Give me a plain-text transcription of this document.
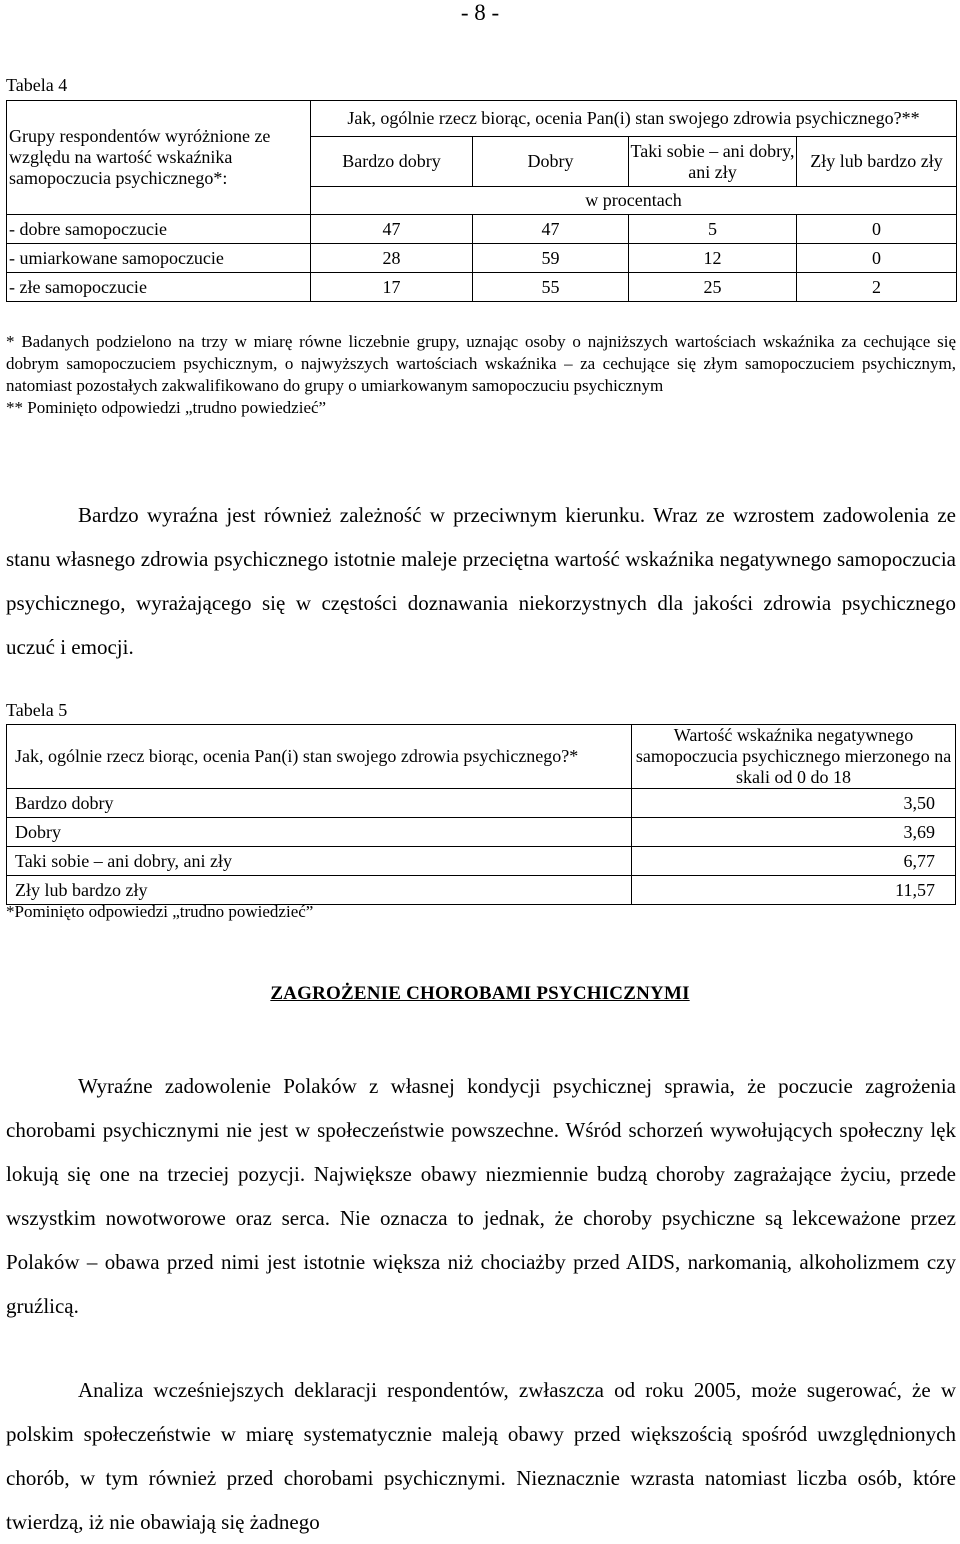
- 8 -
Tabela 4
Grupy respondentów wyróżnione ze względu na wartość wskaźnika samopoczucia psychicznego*:	Jak, ogólnie rzecz biorąc, ocenia Pan(i) stan swojego zdrowia psychicznego?**			
	Bardzo dobry	Dobry	Taki sobie – ani dobry, ani zły	Zły lub bardzo zły
	w procentach			
- dobre samopoczucie	47	47	5	0
- umiarkowane samopoczucie	28	59	12	0
- złe samopoczucie	17	55	25	2
* Badanych podzielono na trzy w miarę równe liczebnie grupy, uznając osoby o najniższych wartościach wskaźnika za cechujące się dobrym samopoczuciem psychicznym, o najwyższych wartościach wskaźnika – za cechujące się złym samopoczuciem psychicznym, natomiast pozostałych zakwalifikowano do grupy o umiarkowanym samopoczuciu psychicznym
** Pominięto odpowiedzi „trudno powiedzieć”
Bardzo wyraźna jest również zależność w przeciwnym kierunku. Wraz ze wzrostem zadowolenia ze stanu własnego zdrowia psychicznego istotnie maleje przeciętna wartość wskaźnika negatywnego samopoczucia psychicznego, wyrażającego się w częstości doznawania niekorzystnych dla jakości zdrowia psychicznego uczuć i emocji.
Tabela 5
Jak, ogólnie rzecz biorąc, ocenia Pan(i) stan swojego zdrowia psychicznego?*	Wartość wskaźnika negatywnego samopoczucia psychicznego mierzonego na skali od 0 do 18
Bardzo dobry	3,50
Dobry	3,69
Taki sobie – ani dobry, ani zły	6,77
Zły lub bardzo zły	11,57
*Pominięto odpowiedzi „trudno powiedzieć”
ZAGROŻENIE CHOROBAMI PSYCHICZNYMI
Wyraźne zadowolenie Polaków z własnej kondycji psychicznej sprawia, że poczucie zagrożenia chorobami psychicznymi nie jest w społeczeństwie powszechne. Wśród schorzeń wywołujących społeczny lęk lokują się one na trzeciej pozycji. Największe obawy niezmiennie budzą choroby zagrażające życiu, przede wszystkim nowotworowe oraz serca. Nie oznacza to jednak, że choroby psychiczne są lekceważone przez Polaków – obawa przed nimi jest istotnie większa niż chociażby przed AIDS, narkomanią, alkoholizmem czy gruźlicą.
Analiza wcześniejszych deklaracji respondentów, zwłaszcza od roku 2005, może sugerować, że w polskim społeczeństwie w miarę systematycznie maleją obawy przed większością spośród uwzględnionych chorób, w tym również przed chorobami psychicznymi. Nieznacznie wzrasta natomiast liczba osób, które twierdzą, iż nie obawiają się żadnego
